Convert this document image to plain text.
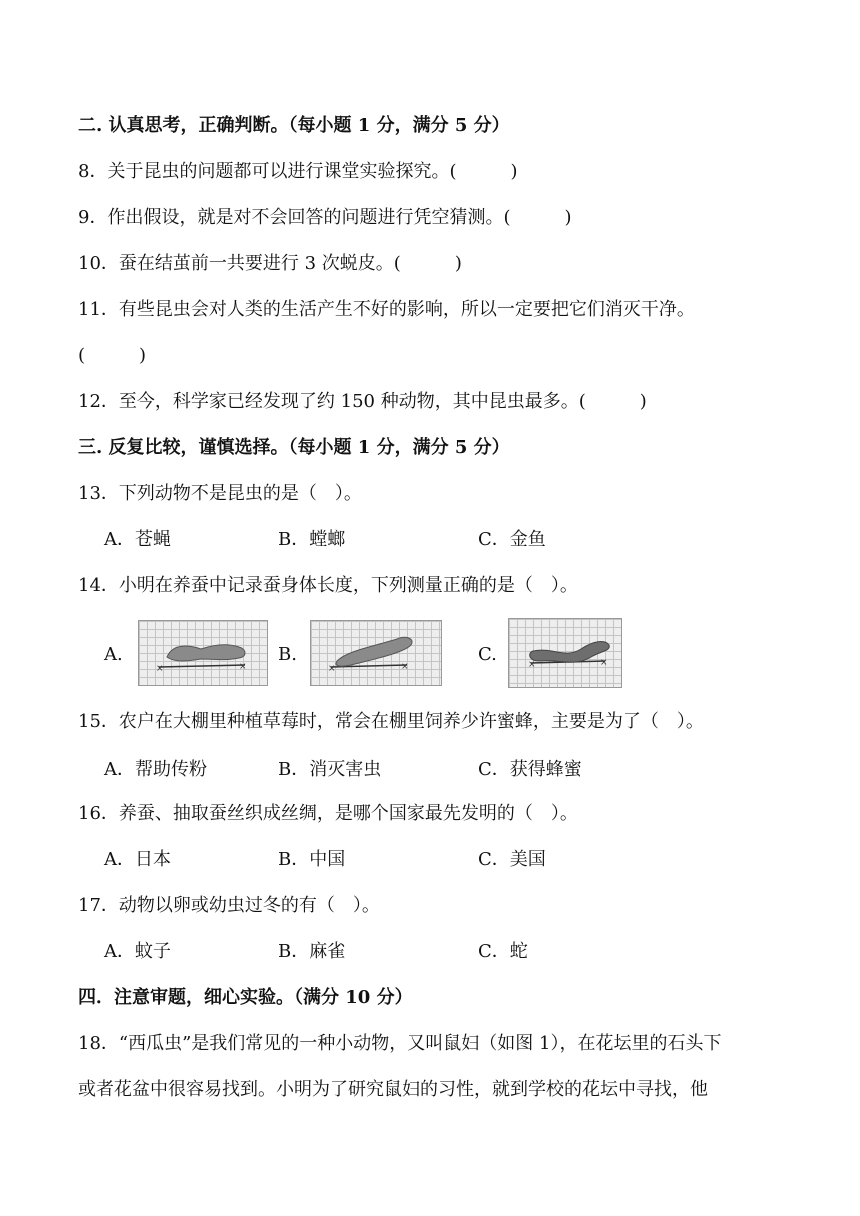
二. 认真思考，正确判断。（每小题 1 分，满分 5 分）
8．关于昆虫的问题都可以进行课堂实验探究。(　　　)
9．作出假设，就是对不会回答的问题进行凭空猜测。(　　　)
10．蚕在结茧前一共要进行 3 次蜕皮。(　　　)
11．有些昆虫会对人类的生活产生不好的影响，所以一定要把它们消灭干净。
(　　　)
12．至今，科学家已经发现了约 150 种动物，其中昆虫最多。(　　　)
三. 反复比较，谨慎选择。（每小题 1 分，满分 5 分）
13．下列动物不是昆虫的是（　）。
A．苍蝇	B．螳螂	C．金鱼
14．小明在养蚕中记录蚕身体长度，下列测量正确的是（　）。
A.
×	×
B.
×	×
C.	×	×
15．农户在大棚里种植草莓时，常会在棚里饲养少许蜜蜂，主要是为了（　）。
A．帮助传粉	B．消灭害虫	C．获得蜂蜜
16．养蚕、抽取蚕丝织成丝绸，是哪个国家最先发明的（　）。
A．日本	B．中国	C．美国
17．动物以卵或幼虫过冬的有（　）。
A．蚊子	B．麻雀	C．蛇
四．注意审题，细心实验。（满分 10 分）
18．“西瓜虫”是我们常见的一种小动物，又叫鼠妇（如图 1），在花坛里的石头下
或者花盆中很容易找到。小明为了研究鼠妇的习性，就到学校的花坛中寻找，他
